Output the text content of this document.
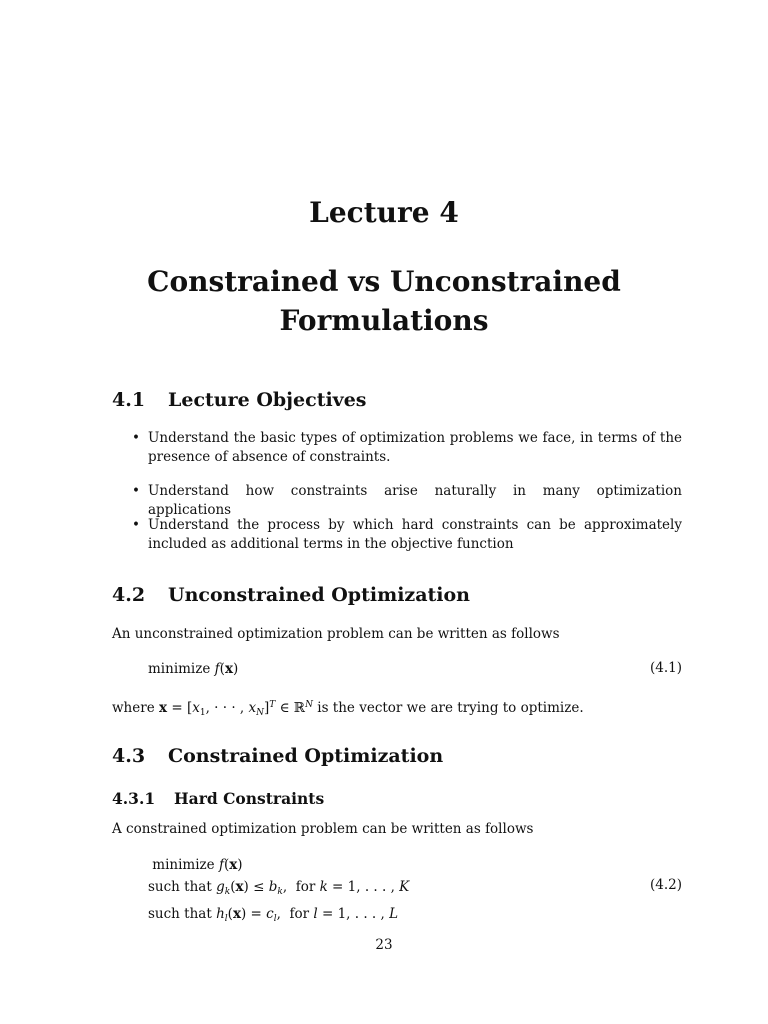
Lecture 4
Constrained vs Unconstrained
Formulations
4.1 Lecture Objectives
• Understand the basic types of optimization problems we face, in terms of the presence of absence of constraints.
• Understand how constraints arise naturally in many optimization applications
• Understand the process by which hard constraints can be approximately included as additional terms in the objective function
4.2 Unconstrained Optimization
An unconstrained optimization problem can be written as follows
minimize f(x)	(4.1)
where $x = [x_1$, · · · , $x_N]^T$ ∈ ℝ$^N$ is the vector we are trying to optimize.
4.3 Constrained Optimization
4.3.1 Hard Constraints
A constrained optimization problem can be written as follows
minimize f(x)
such that $g_k(x) \le b_k$,  for k = 1, . . . , K
such that $h_l(x) = c_l$,  for l = 1, . . . , L
(4.2)
23
